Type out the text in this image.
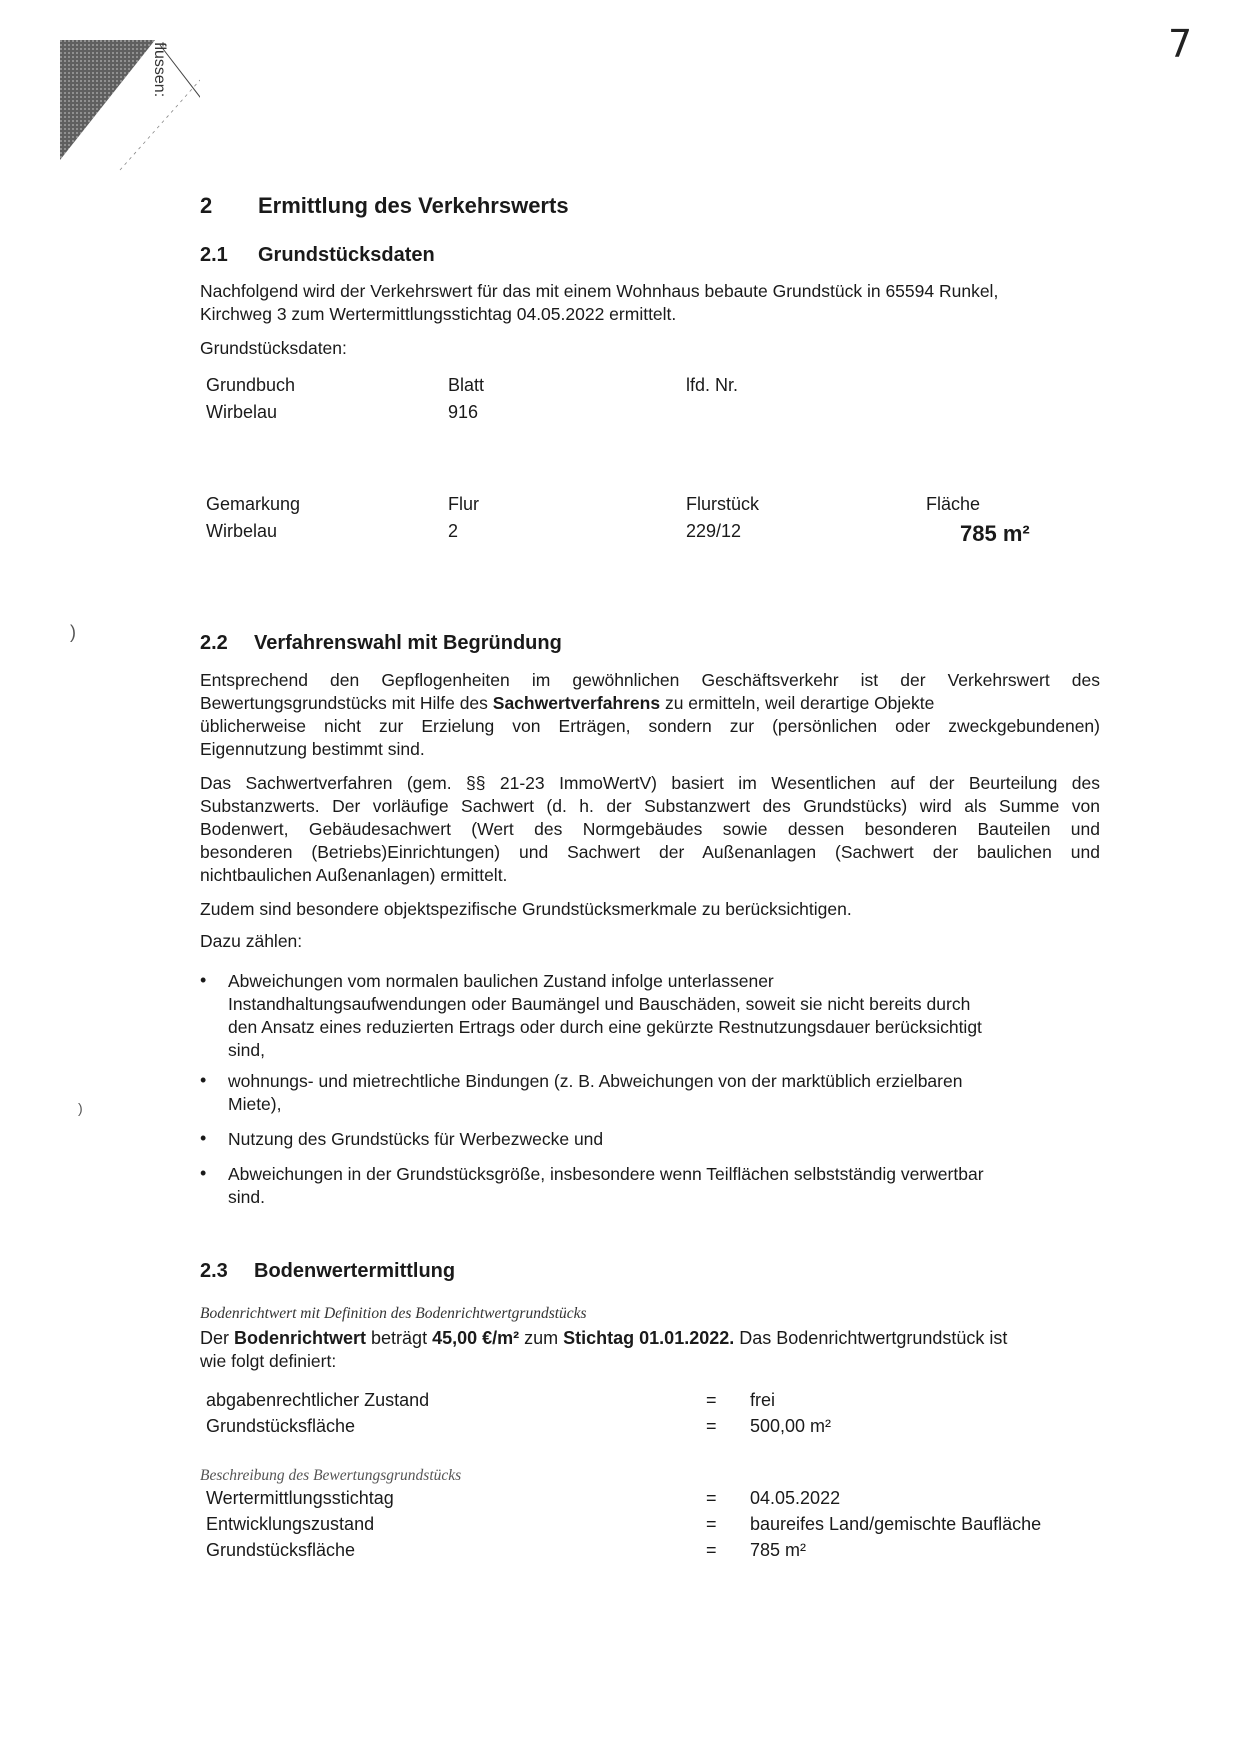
flussen:	7
)
)
2 Ermittlung des Verkehrswerts
2.1 Grundstücksdaten
Nachfolgend wird der Verkehrswert für das mit einem Wohnhaus bebaute Grundstück in 65594 Runkel,
Kirchweg 3 zum Wertermittlungsstichtag 04.05.2022 ermittelt.
Grundstücksdaten:
Grundbuch	Blatt	lfd. Nr.
Wirbelau	916
Gemarkung	Flur	Flurstück	Fläche
Wirbelau	2	229/12	785 m²
2.2 Verfahrenswahl mit Begründung
Entsprechend den Gepflogenheiten im gewöhnlichen Geschäftsverkehr ist der Verkehrswert des
Bewertungsgrundstücks mit Hilfe des Sachwertverfahrens zu ermitteln, weil derartige Objekte
üblicherweise nicht zur Erzielung von Erträgen, sondern zur (persönlichen oder zweckgebundenen)
Eigennutzung bestimmt sind.
Das Sachwertverfahren (gem. §§ 21-23 ImmoWertV) basiert im Wesentlichen auf der Beurteilung des
Substanzwerts. Der vorläufige Sachwert (d. h. der Substanzwert des Grundstücks) wird als Summe von
Bodenwert, Gebäudesachwert (Wert des Normgebäudes sowie dessen besonderen Bauteilen und
besonderen (Betriebs)Einrichtungen) und Sachwert der Außenanlagen (Sachwert der baulichen und
nichtbaulichen Außenanlagen) ermittelt.
Zudem sind besondere objektspezifische Grundstücksmerkmale zu berücksichtigen.
Dazu zählen:
• Abweichungen vom normalen baulichen Zustand infolge unterlassener
Instandhaltungsaufwendungen oder Baumängel und Bauschäden, soweit sie nicht bereits durch
den Ansatz eines reduzierten Ertrags oder durch eine gekürzte Restnutzungsdauer berücksichtigt
sind,
• wohnungs- und mietrechtliche Bindungen (z. B. Abweichungen von der marktüblich erzielbaren
Miete),
• Nutzung des Grundstücks für Werbezwecke und
• Abweichungen in der Grundstücksgröße, insbesondere wenn Teilflächen selbstständig verwertbar
sind.
2.3 Bodenwertermittlung
Bodenrichtwert mit Definition des Bodenrichtwertgrundstücks
Der Bodenrichtwert beträgt 45,00 €/m² zum Stichtag 01.01.2022. Das Bodenrichtwertgrundstück ist
wie folgt definiert:
abgabenrechtlicher Zustand	= frei
Grundstücksfläche	= 500,00 m²
Beschreibung des Bewertungsgrundstücks
Wertermittlungsstichtag	= 04.05.2022
Entwicklungszustand	= baureifes Land/gemischte Baufläche
Grundstücksfläche	= 785 m²
